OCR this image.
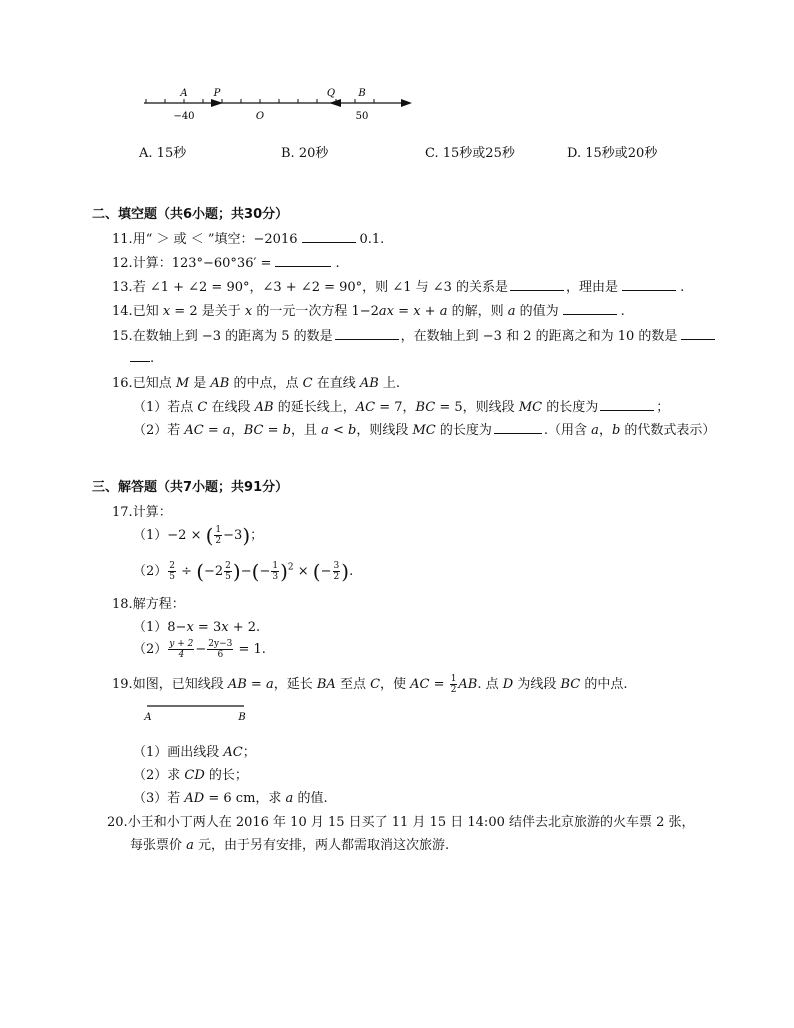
A	P	Q B
−40	O	50
A. 15秒	B. 20秒	C. 15秒或25秒	D. 15秒或20秒
二、填空题（共6小题；共30分）
11.用“ ＞ 或 ＜ ”填空：−2016	0.1.
12.计算：123°−60°36′ =	.
13.若 ∠1 + ∠2 = 90°，∠3 + ∠2 = 90°，则 ∠1 与 ∠3 的关系是	，理由是	.
14.已知 x = 2 是关于 x 的一元一次方程 1−2ax = x + a 的解，则 a 的值为	.
15.在数轴上到 −3 的距离为 5 的数是	，在数轴上到 −3 和 2 的距离之和为 10 的数是
.
16.已知点 M 是 AB 的中点，点 C 在直线 AB 上.
（1）若点 C 在线段 AB 的延长线上，AC = 7，BC = 5，则线段 MC 的长度为	；
（2）若 AC = a，BC = b，且 a < b，则线段 MC 的长度为	.（用含 a，b 的代数式表示）
三、解答题（共7小题；共91分）
17.计算：
（1）−2 × ( $\frac{1}{2} -3$)；
$(2) \frac{2}{5} \div (-2 \frac{2}{5}$ )−(− $\frac{1}{3} )^2$ × (− $\frac{3}{2}$ ).
18.解方程：
（1）8−x = 3x + 2.
$(2) \frac{y + 2}{4} - \frac{2y-3}{6} = 1$.
19.如图，已知线段 AB = a，延长 BA 至点 C，使 AC = $\frac{1}{2}$ AB. 点 D 为线段 BC 的中点.
A	B
（1）画出线段 AC；
（2）求 CD 的长；
（3）若 AD = 6 cm，求 a 的值.
20.小王和小丁两人在 2016 年 10 月 15 日买了 11 月 15 日 14:00 结伴去北京旅游的火车票 2 张，
每张票价 a 元，由于另有安排，两人都需取消这次旅游.
